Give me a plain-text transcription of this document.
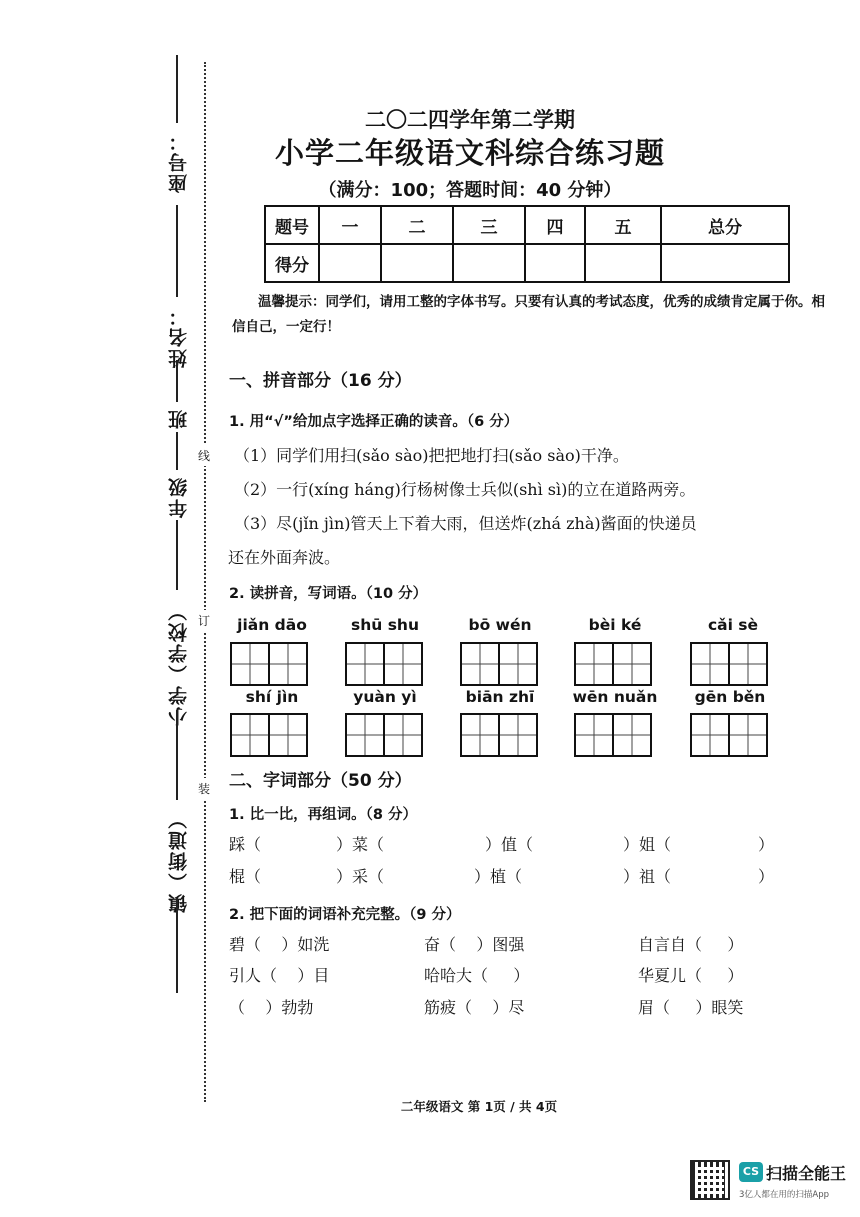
座号：
姓名：
班
年级
小学（学校）
镇（街道）
线
订
装
二〇二四学年第二学期
小学二年级语文科综合练习题
（满分：100；答题时间：40 分钟）
题号	一	二	三	四	五	总分
得分						
温馨提示：同学们，请用工整的字体书写。只要有认真的考试态度，优秀的成绩肯定属于你。相信自己，一定行！
一、拼音部分（16 分）
1. 用“√”给加点字选择正确的读音。（6 分）
（1）同学们用扫(sǎo sào)把把地打扫(sǎo sào)干净。
（2）一行(xíng háng)行杨树像士兵似(shì sì)的立在道路两旁。
（3）尽(jǐn jìn)管天上下着大雨，但送炸(zhá zhà)酱面的快递员
还在外面奔波。
2. 读拼音，写词语。（10 分）
jiǎn dāo	shū shu	bō wén	bèi ké	cǎi sè
shí jìn	yuàn yì	biān zhī	wēn nuǎn	gēn běn
二、字词部分（50 分）
1. 比一比，再组词。（8 分）
踩（	）菜（	）值（	）姐（	）
棍（	）采（	）植（	）祖（	）
2. 把下面的词语补充完整。（9 分）
碧（    ）如洗	奋（    ）图强	自言自（     ）
引人（    ）目	哈哈大（     ）	华夏儿（     ）
（    ）勃勃	筋疲（    ）尽	眉（     ）眼笑
二年级语文 第 1页 / 共 4页
CS 扫描全能王
3亿人都在用的扫描App
